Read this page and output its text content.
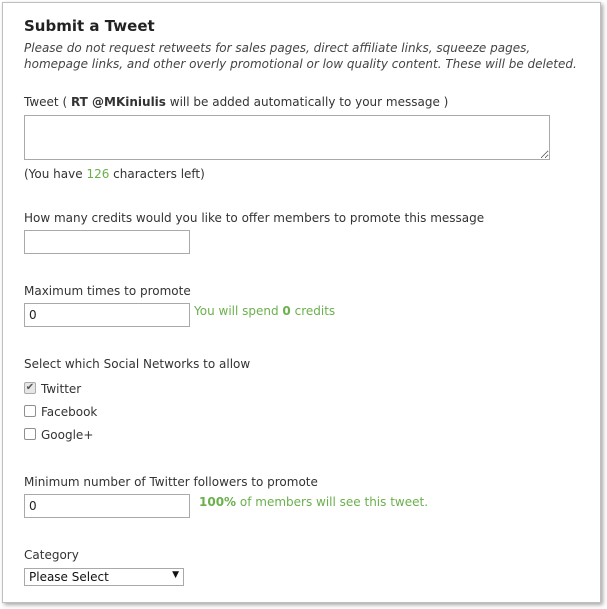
Submit a Tweet
Please do not request retweets for sales pages, direct affiliate links, squeeze pages, homepage links, and other overly promotional or low quality content. These will be deleted.
Tweet ( RT @MKiniulis will be added automatically to your message )
(You have 126 characters left)
How many credits would you like to offer members to promote this message
Maximum times to promote
0
You will spend 0 credits
Select which Social Networks to allow
✔ Twitter
Facebook
Google+
Minimum number of Twitter followers to promote
0
100% of members will see this tweet.
Category
Please Select	▼
